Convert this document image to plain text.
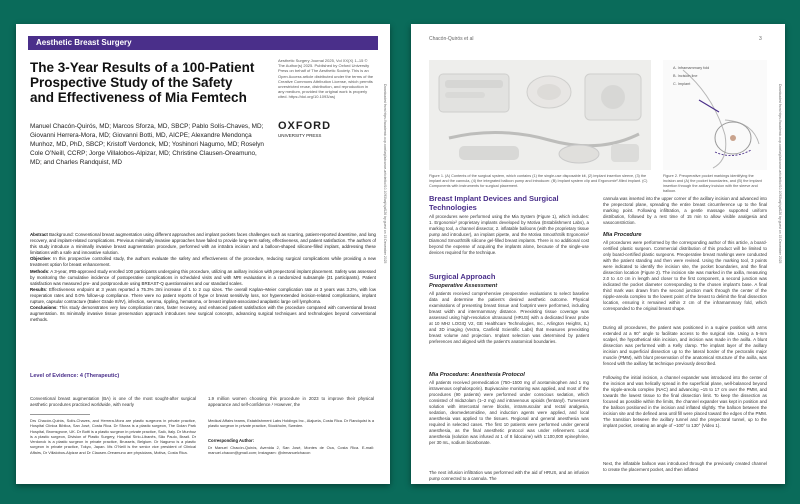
Aesthetic Breast Surgery
The 3-Year Results of a 100-Patient Prospective Study of the Safety and Effectiveness of Mia Femtech
Aesthetic Surgery Journal 2025, Vol XX(X) 1–15 © The Author(s) 2025. Published by Oxford University Press on behalf of The Aesthetic Society. This is an Open Access article distributed under the terms of the Creative Commons Attribution License, which permits unrestricted reuse, distribution, and reproduction in any medium, provided the original work is properly cited. https://doi.org/10.1093/asj
OXFORD
UNIVERSITY PRESS
Manuel Chacón-Quirós, MD; Marcos Sforza, MD, SBCP; Pablo Solís-Chaves, MD; Giovanni Herrera-Mora, MD; Giovanni Botti, MD, AICPE; Alexandre Mendonça Munhoz, MD, PhD, SBCP; Kristoff Verdonck, MD; Yoshinori Nagumo, MD; Roselyn Cole O’Neill, CCRP; Jorge Villalobos-Alpizar, MD; Christine Clausen-Oreamuno, MD; and Charles Randquist, MD
Abstract Background: Conventional breast augmentation using different approaches and implant pockets faces challenges such as scarring, patient-reported downtime, and long recovery, and implant-related complications. Previous minimally invasive approaches have failed to provide long-term safety, effectiveness, and patient satisfaction. The authors of this study introduce a minimally invasive breast augmentation procedure, performed with an intrabra incision and a balloon-shaped silicone-filled implant, addressing these limitations with a safe and innovative solution.
Objective: In this prospective controlled study, the authors evaluate the safety and effectiveness of the procedure, reducing surgical complications while providing a new treatment option for breast enhancement.
Methods: A 3-year, IRB-approved study enrolled 100 participants undergoing this procedure, utilizing an axillary incision with prepectoral implant placement. Safety was assessed by monitoring the cumulative incidence of postoperative complications in scheduled visits and with MRI evaluations in a randomized subsample (31 participants). Patient satisfaction was measured pre- and postprocedure using BREAST-Q questionnaires and our standard scales.
Results: Effectiveness endpoint at 3 years reported a 75.3% 3mi increase of 1 to 2 cup sizes. The overall Kaplan–Meier complication rate at 3 years was 3.2%, with low reoperation rates and 0.0% follow-up compliance. There were no patient reports of hype or breast sensitivity loss, nor hyperextended incision-related complications, implant rupture, capsular contracture (Baker Grade III/IV), infection, seroma, rippling, hematoma, or breast implant-associated anaplastic large cell lymphoma.
Conclusions: This study demonstrates very low complication rates, faster recovery, and enhanced patient satisfaction with the procedure compared with conventional breast augmentation. Its minimally invasive tissue preservation approach introduces new surgical concepts, advancing surgical techniques and technologies beyond conventional methods.
Level of Evidence: 4 (Therapeutic)
Conventional breast augmentation (BA) is one of the most sought-after surgical aesthetic procedures practiced worldwide, with nearly
1.9 million women choosing this procedure in 2023 to improve their physical appearance and self-confidence.¹ However, the
Drs Chacón-Quirós, Solís-Chaves, and Herrera-Mora are plastic surgeons in private practice, Hospital Clínica Bíblica, San José, Costa Rica. Dr Sforza is a plastic surgeon, The Dolan Park Hospital, Bromsgrove, UK. Dr Botti is a plastic surgeon in private practice, Salò, Italy. Dr Munhoz is a plastic surgeon, Division of Plastic Surgery, Hospital Sírio-Libanês, São Paulo, Brazil. Dr Verdonck is a plastic surgeon in private practice, Brussels, Belgium. Dr Nagumo is a plastic surgeon in private practice, Tokyo, Japan. Ms O’Neill is the senior vice president of Clinical Affairs, Dr Villalobos-Alpizar and Dr Clausen-Oreamuno are physicians, Motiva, Costa Rica.
Medical Affairs teams, Establishment Labs Holdings Inc., Alajuela, Costa Rica. Dr Randquist is a plastic surgeon in private practice, Stockholm, Sweden.
Corresponding Author:
Dr Manuel Chacón-Quirós, Avenida 2, San José, Montes de Oca, Costa Rica. E-mail: manuel.chacon@gmail.com; Instagram: @drmanuelchacon
Downloaded from https://academic.oup.com/asj/advance-article/doi/10.1093/asj/sjaf126 by guest on 15 December 2025
Chacón-Quirós et al	3
Figure 1. (A) Contents of the surgical system, which contains (1) the single-use disposable kit, (2) implant insertion sleeve, (3) the implant and the cannula, (4) the integrated balloon pump and introducer. (B) Implant system clip and Ergonomix²-filled implant. (C) Components with instruments for surgical placement.
A. Inframammary fold
B. Incision line
C. Implant
Figure 2. Preoperative pocket markings identifying the incision and (A) the pocket boundaries, and (B) the implant insertion through the axillary incision with the sleeve and balloon.
Breast Implant Devices and Surgical Technologies
All procedures were performed using the Mia System (Figure 1), which includes: 1. Ergonomix² proprietary implants developed by Motiva (Establishment Labs), a marking tool, a channel dissector, 2. inflatable balloons (with the proprietary tissue pump and introducer), an implant pipette, and the Motiva SmoothSilk Ergonomix² Diamond SmoothSilk silicone gel-filled breast implants. There is no additional cost beyond the expense of acquiring the implants alone, because of the single-use devices required for the technique.
Surgical Approach
Preoperative Assessment
All patients received comprehensive preoperative evaluations to select baseline data and determine the patient’s desired aesthetic outcome. Physical examinations of presenting breast tissue and footprint were performed, including breast width and intermammary distance. Preexisting tissue coverage was assessed using high-resolution ultrasound (HRUS) with a dedicated linear probe at 10 MHz LOGIQ V2, GE Healthcare Technologies, Inc., Arlington Heights, IL) and 3D imaging (Vectra, Canfield Scientific Labs) that measures preexisting breast volume and projection. Implant selection was determined by patient preferences and aligned with the patient’s anatomical boundaries.
Mia Procedure: Anesthesia Protocol
All patients received premedication (750–1500 mg of acetaminophen and 1 mg intravenous cephalosporin). Bupivacaine monitoring was applied, and most of the procedures (90 patients) were performed under conscious sedation, which consisted of midazolam (1–2 mg) and intravenous opioids (fentanyl). Tumescent solution with intercostal nerve blocks, intramuscular and rectal analgesia, sedation, dexmedetomidine, and induction agents were applied, and local anesthesia was applied to the tissues. Regional and general anesthesia was required in selected cases. The first 10 patients were performed under general anesthesia, as the final anesthetic protocol was under refinement. Local anesthesia (solution was infused at 1 of 8 lidocaine) with 1:100,000 epinephrine, per 30 mL, sodium bicarbonate.
The next infusion infiltration was performed with the aid of HRUS, and an infusion pump connected to a cannula. The
cannula was inserted into the upper corner of the axillary incision and advanced into the prepectoral plane, spreading the entire breast circumference up to the final marking point. Following infiltration, a gentle massage supported uniform distribution, followed by a rest time of 15 min to allow visible analgesia and vasoconstriction.
Mia Procedure
All procedures were performed by the corresponding author of this article, a board-certified plastic surgeon. Commercial distribution of this product will be limited to only board-certified plastic surgeons. Preoperative breast markings were conducted with the patient standing and then were revised. Using the marking tool, 3 points were indicated to identify the incision site, the pocket boundaries, and the final dissection location (Figure 2). The incision site was marked in the axilla, measuring 2.0 to 4.0 cm in length and closer to the first component, a second junction was indicated the pocket diameter corresponding to the chosen implant’s base. A final third mark was drawn from the second junction mark through the center of the nipple-areola complex to the lowest point of the breast to delimit the final dissection location, ensuring it remained within 2 cm of the inframammary fold, which corresponded to the original breast shape.
During all procedures, the patient was positioned in a supine position with arms extended at a 90° angle to facilitate access to the surgical site. Using a 5-mm scalpel, the hypothetical skin incision, and incision was made in the axilla. A blunt dissection was performed with a Kelly clamp. The implant layer of the axillary incision and superficial dissection up to the lateral border of the pectoralis major muscle (PMM), with blunt preservation of the anatomical structure of the axilla, was fenced with the axillary fat technique previously described.
Following the initial incision, a channel expander was introduced into the center of the incision and was helically spread in the superficial plane, well-balanced beyond the nipple-areola complex (NAC) and advancing ~15 to 17 cm over the PMM, and towards the lowest tissue to the final dissection limit. To keep the dissection as focused as possible within the limits, the channel expander was kept in position and the balloon positioned in the incision and inflated slightly. The balloon between the incision site and the defined area until fill were placed toward the edges of the PMM. The transition between the axillary tunnel and the prepectoral tunnel, up to the implant pocket, creating an angle of ~100° to 130° (Video 1).
Next, the inflatable balloon was introduced through the previously created channel to create the placement pocket, and then inflated
Downloaded from https://academic.oup.com/asj/advance-article/doi/10.1093/asj/sjaf126 by guest on 15 December 2025
